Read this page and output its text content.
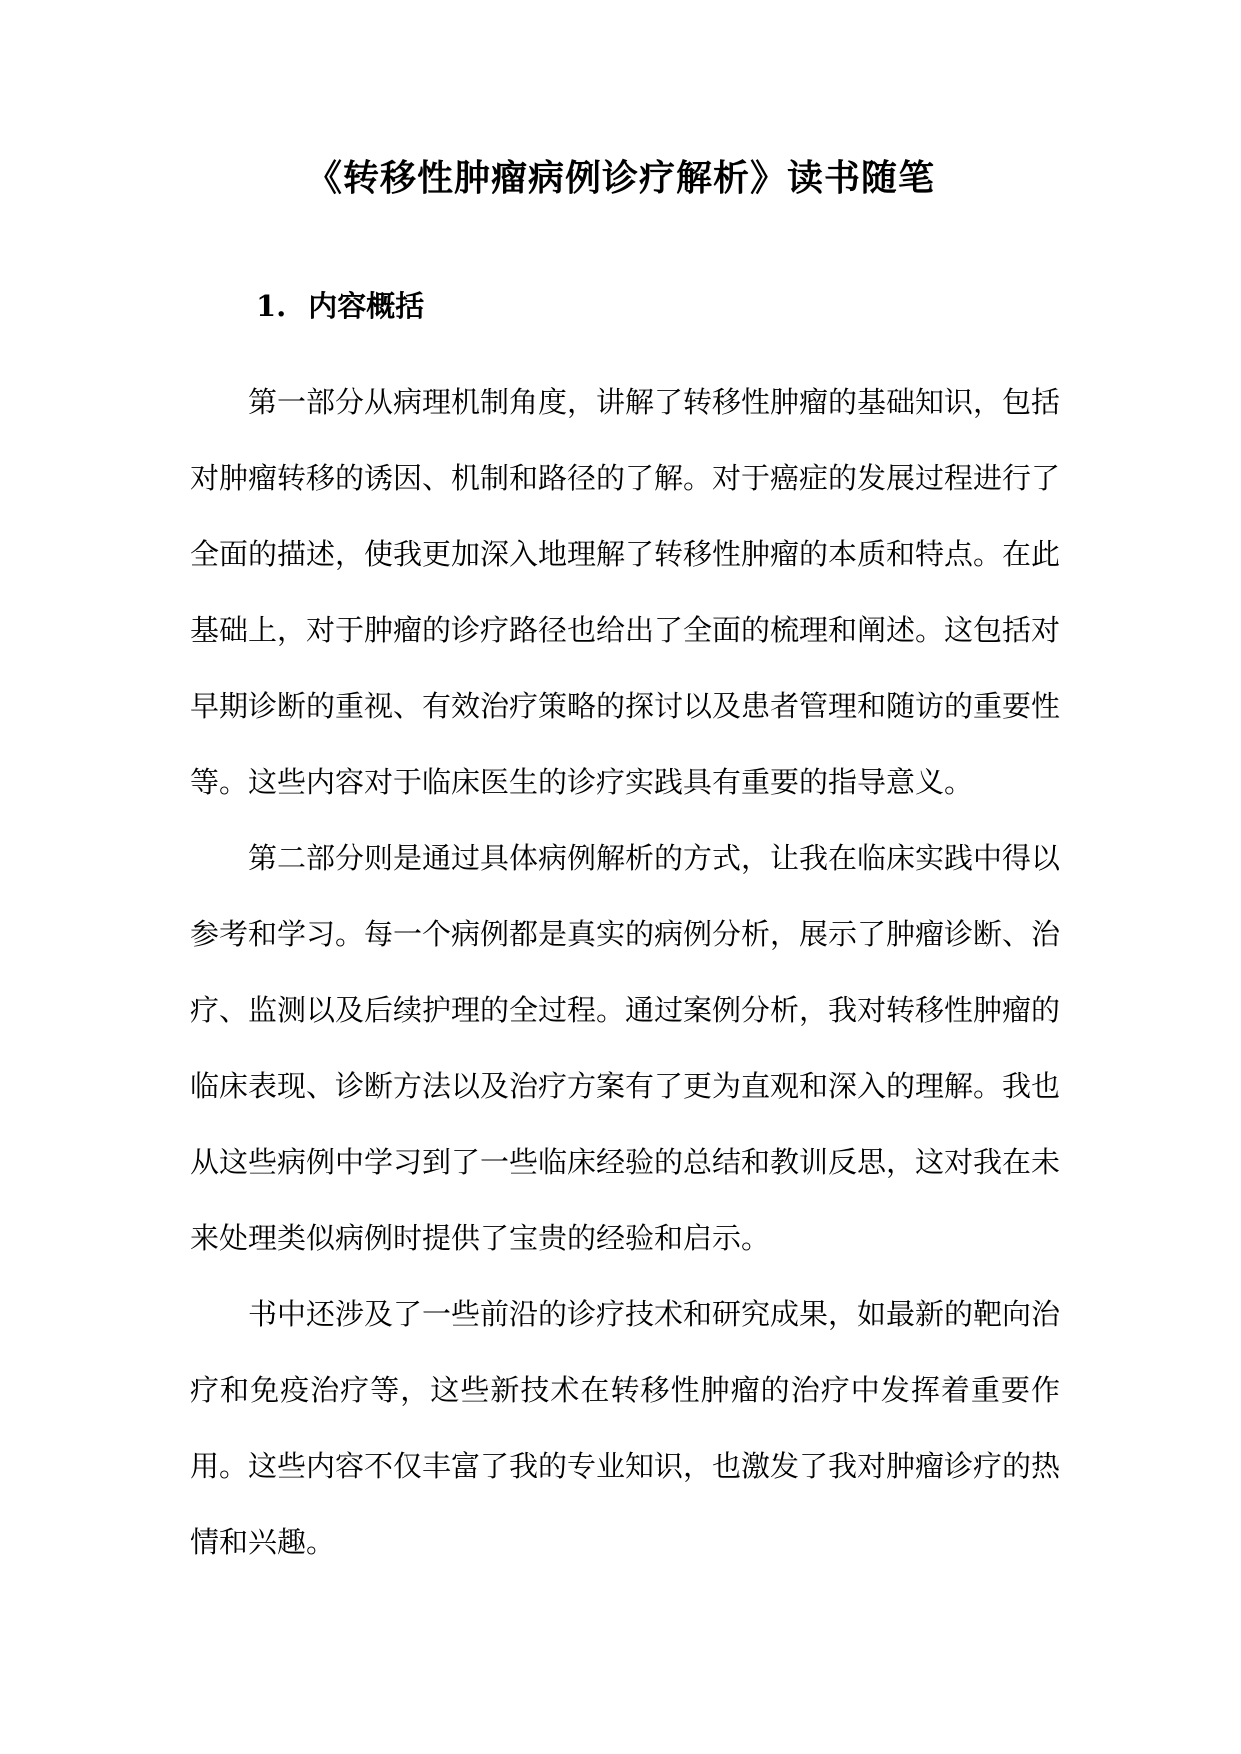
《转移性肿瘤病例诊疗解析》读书随笔
1. 内容概括

第一部分从病理机制角度，讲解了转移性肿瘤的基础知识，包括对肿瘤转移的诱因、机制和路径的了解。对于癌症的发展过程进行了全面的描述，使我更加深入地理解了转移性肿瘤的本质和特点。在此基础上，对于肿瘤的诊疗路径也给出了全面的梳理和阐述。这包括对早期诊断的重视、有效治疗策略的探讨以及患者管理和随访的重要性等。这些内容对于临床医生的诊疗实践具有重要的指导意义。

第二部分则是通过具体病例解析的方式，让我在临床实践中得以参考和学习。每一个病例都是真实的病例分析，展示了肿瘤诊断、治疗、监测以及后续护理的全过程。通过案例分析，我对转移性肿瘤的临床表现、诊断方法以及治疗方案有了更为直观和深入的理解。我也从这些病例中学习到了一些临床经验的总结和教训反思，这对我在未来处理类似病例时提供了宝贵的经验和启示。

书中还涉及了一些前沿的诊疗技术和研究成果，如最新的靶向治疗和免疫治疗等，这些新技术在转移性肿瘤的治疗中发挥着重要作用。这些内容不仅丰富了我的专业知识，也激发了我对肿瘤诊疗的热情和兴趣。
